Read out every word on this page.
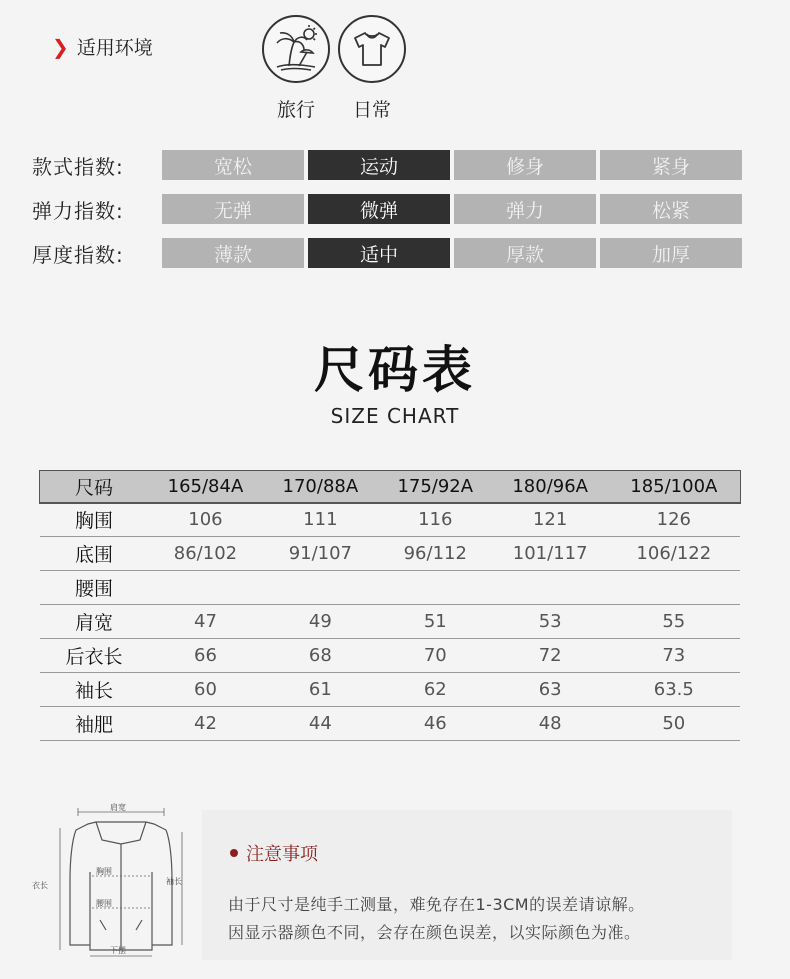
❯ 适用环境
旅行	日常
款式指数:	宽松	运动	修身	紧身
弹力指数:	无弹	微弹	弹力	松紧
厚度指数:	薄款	适中	厚款	加厚
尺码表
SIZE CHART
尺码	165/84A	170/88A	175/92A	180/96A	185/100A
胸围	106	111	116	121	126
底围	86/102	91/107	96/112	101/117	106/122
腰围					
肩宽	47	49	51	53	55
后衣长	66	68	70	72	73
袖长	60	61	62	63	63.5
袖肥	42	44	46	48	50
肩宽
胸围
腰围
衣长	袖长
下摆
注意事项
由于尺寸是纯手工测量，难免存在1-3CM的误差请谅解。
因显示器颜色不同，会存在颜色误差，以实际颜色为准。
